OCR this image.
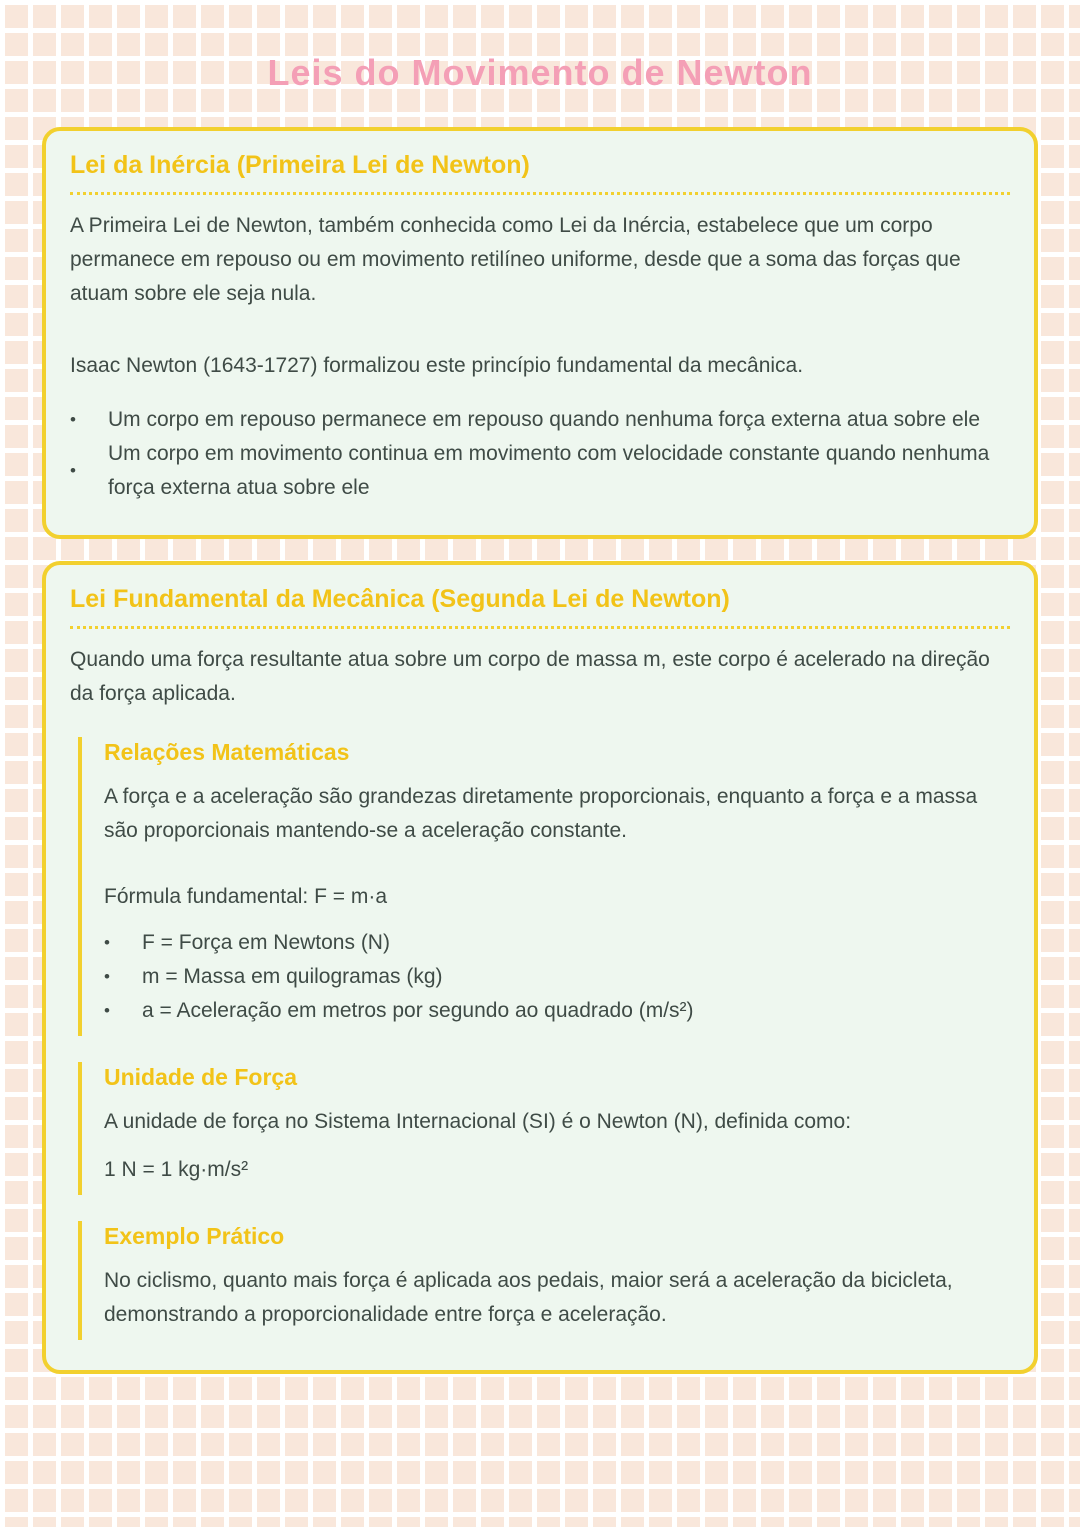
Leis do Movimento de Newton
Lei da Inércia (Primeira Lei de Newton)

A Primeira Lei de Newton, também conhecida como Lei da Inércia, estabelece que um corpo permanece em repouso ou em movimento retilíneo uniforme, desde que a soma das forças que atuam sobre ele seja nula.

Isaac Newton (1643-1727) formalizou este princípio fundamental da mecânica.

•	Um corpo em repouso permanece em repouso quando nenhuma força externa atua sobre ele
•
Um corpo em movimento continua em movimento com velocidade constante quando nenhuma força externa atua sobre ele
Lei Fundamental da Mecânica (Segunda Lei de Newton)

Quando uma força resultante atua sobre um corpo de massa m, este corpo é acelerado na direção da força aplicada.

Relações Matemáticas

A força e a aceleração são grandezas diretamente proporcionais, enquanto a força e a massa são proporcionais mantendo-se a aceleração constante.

Fórmula fundamental: F = m·a

•	F = Força em Newtons (N)
•	m = Massa em quilogramas (kg)
•	a = Aceleração em metros por segundo ao quadrado (m/s²)
Unidade de Força

A unidade de força no Sistema Internacional (SI) é o Newton (N), definida como:

1 N = 1 kg·m/s²

Exemplo Prático

No ciclismo, quanto mais força é aplicada aos pedais, maior será a aceleração da bicicleta, demonstrando a proporcionalidade entre força e aceleração.
